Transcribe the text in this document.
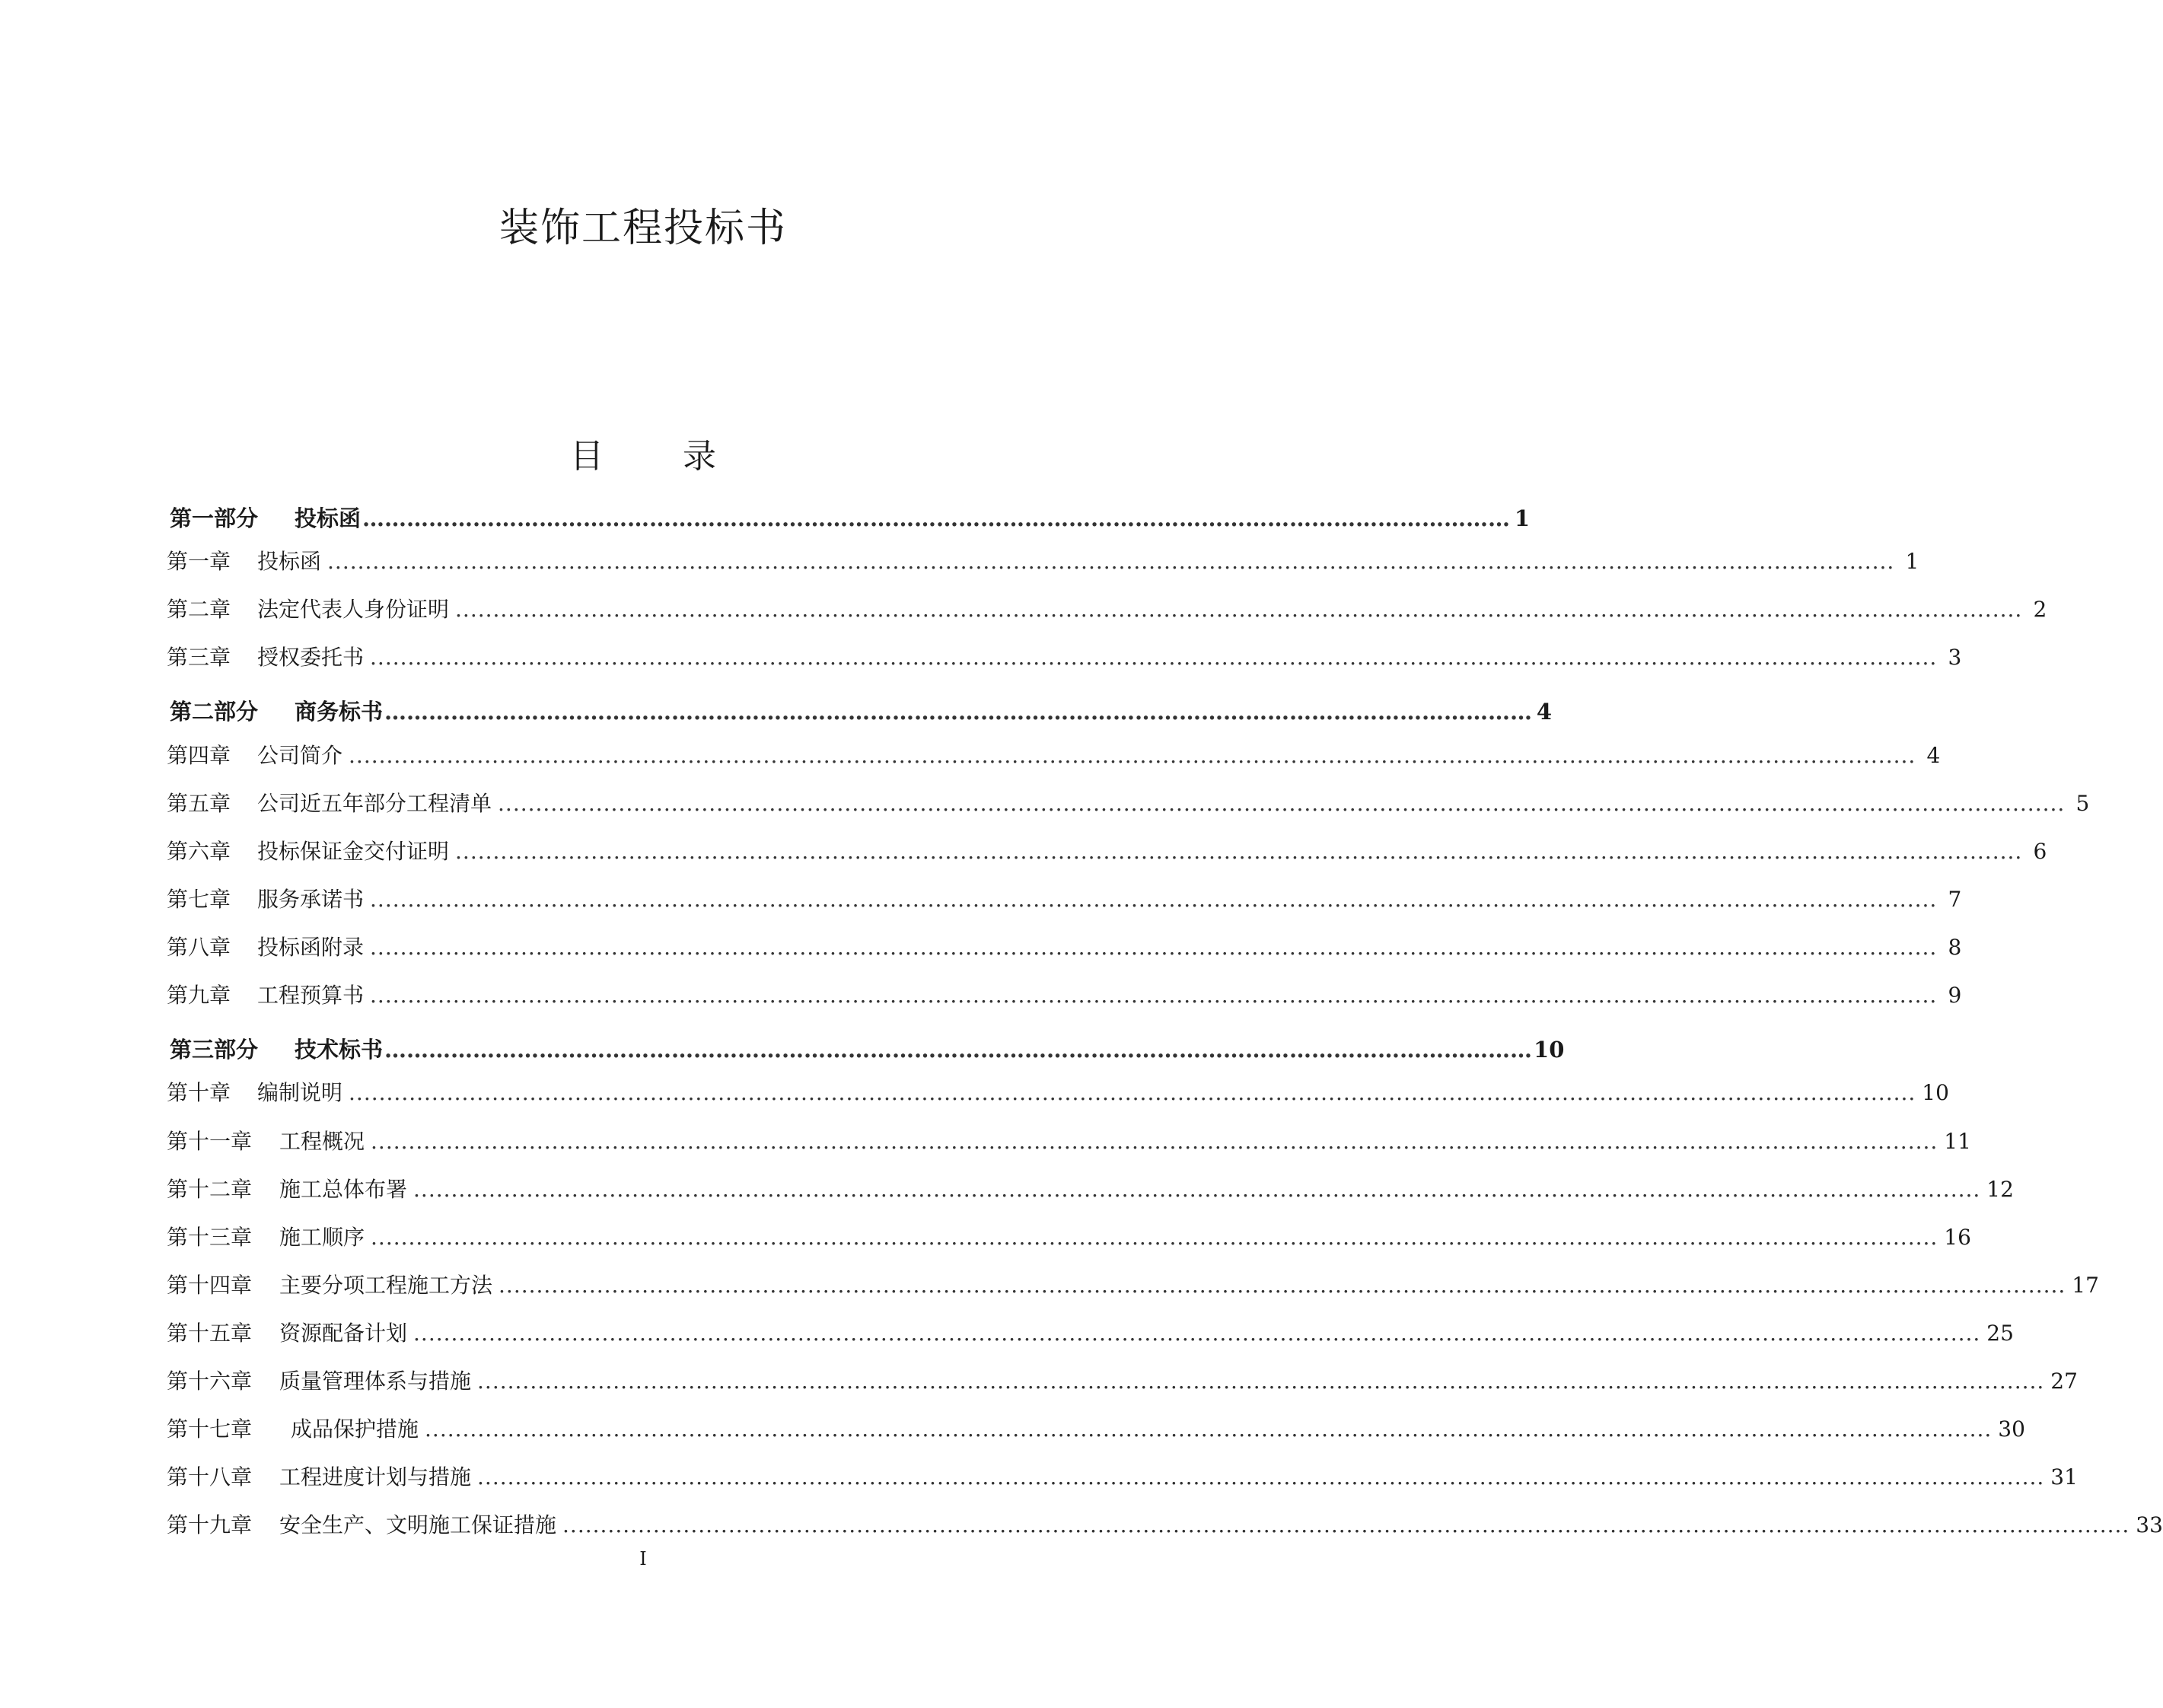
装饰工程投标书
目 录
第一部分	投标函 ………………………………………………………………………………………………………………………………………… 1
第一章	投标函 ................................................................................................................................................................................................................ 1
第二章	法定代表人身份证明 ................................................................................................................................................................................................................ 2
第三章	授权委托书 ................................................................................................................................................................................................................ 3
第二部分	商务标书 ………………………………………………………………………………………………………………………………………… 4
第四章	公司简介 ................................................................................................................................................................................................................ 4
第五章	公司近五年部分工程清单 ................................................................................................................................................................................................................ 5
第六章	投标保证金交付证明 ................................................................................................................................................................................................................ 6
第七章	服务承诺书 ................................................................................................................................................................................................................ 7
第八章	投标函附录 ................................................................................................................................................................................................................ 8
第九章	工程预算书 ................................................................................................................................................................................................................ 9
第三部分	技术标书 ………………………………………………………………………………………………………………………………………… 10
第十章	编制说明 ................................................................................................................................................................................................................ 10
第十一章	工程概况 ................................................................................................................................................................................................................ 11
第十二章	施工总体布署 ................................................................................................................................................................................................................ 12
第十三章	施工顺序 ................................................................................................................................................................................................................ 16
第十四章	主要分项工程施工方法 ................................................................................................................................................................................................................ 17
第十五章	资源配备计划 ................................................................................................................................................................................................................ 25
第十六章	质量管理体系与措施 ................................................................................................................................................................................................................ 27
第十七章	成品保护措施 ................................................................................................................................................................................................................ 30
第十八章	工程进度计划与措施 ................................................................................................................................................................................................................ 31
第十九章	安全生产、文明施工保证措施 ................................................................................................................................................................................................................ 33
I
